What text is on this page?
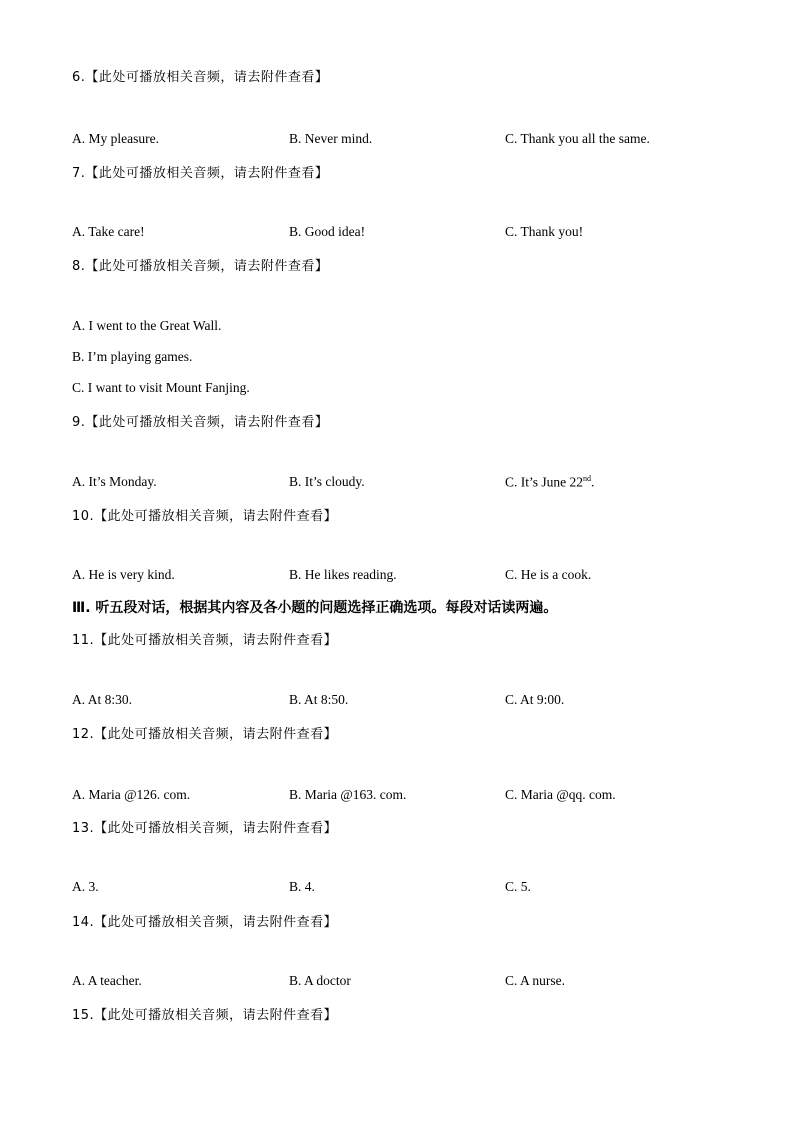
6.【此处可播放相关音频，请去附件查看】
A. My pleasure.	B. Never mind.	C. Thank you all the same.
7.【此处可播放相关音频，请去附件查看】
A. Take care!	B. Good idea!	C. Thank you!
8.【此处可播放相关音频，请去附件查看】
A. I went to the Great Wall.
B. I’m playing games.
C. I want to visit Mount Fanjing.
9.【此处可播放相关音频，请去附件查看】
A. It’s Monday.	B. It’s cloudy.	C. It’s June 22nd.
10.【此处可播放相关音频，请去附件查看】
A. He is very kind.	B. He likes reading.	C. He is a cook.
Ⅲ. 听五段对话，根据其内容及各小题的问题选择正确选项。每段对话读两遍。
11.【此处可播放相关音频，请去附件查看】
A. At 8:30.	B. At 8:50.	C. At 9:00.
12.【此处可播放相关音频，请去附件查看】
A. Maria @126. com.	B. Maria @163. com.	C. Maria @qq. com.
13.【此处可播放相关音频，请去附件查看】
A. 3.	B. 4.	C. 5.
14.【此处可播放相关音频，请去附件查看】
A. A teacher.	B. A doctor	C. A nurse.
15.【此处可播放相关音频，请去附件查看】
